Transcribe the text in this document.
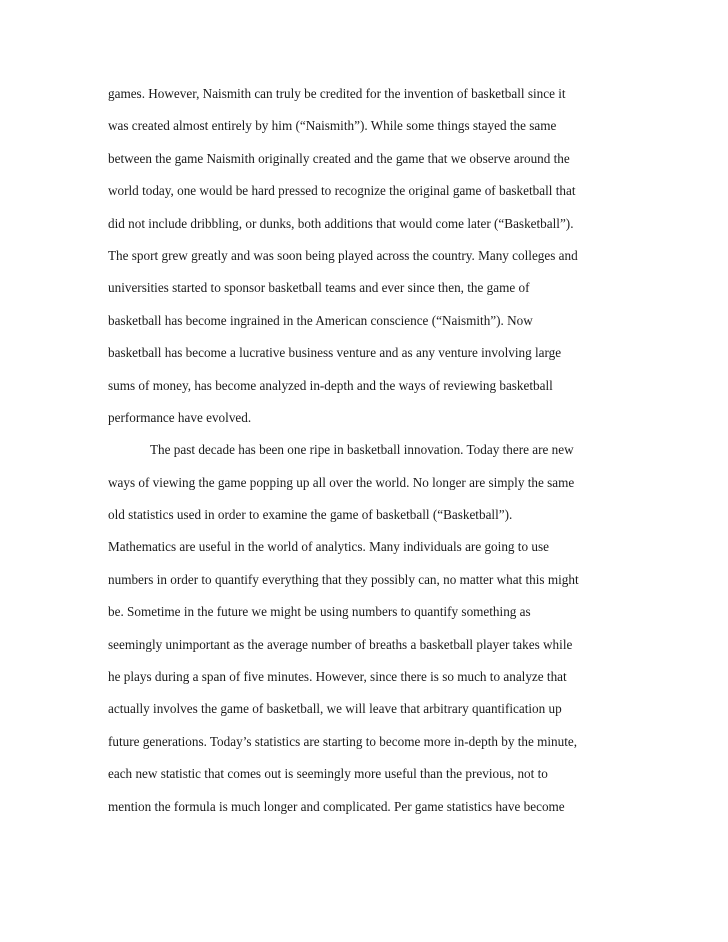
games. However, Naismith can truly be credited for the invention of basketball since it
was created almost entirely by him (“Naismith”). While some things stayed the same
between the game Naismith originally created and the game that we observe around the
world today, one would be hard pressed to recognize the original game of basketball that
did not include dribbling, or dunks, both additions that would come later (“Basketball”).
The sport grew greatly and was soon being played across the country. Many colleges and
universities started to sponsor basketball teams and ever since then, the game of
basketball has become ingrained in the American conscience (“Naismith”). Now
basketball has become a lucrative business venture and as any venture involving large
sums of money, has become analyzed in-depth and the ways of reviewing basketball
performance have evolved.
The past decade has been one ripe in basketball innovation. Today there are new
ways of viewing the game popping up all over the world. No longer are simply the same
old statistics used in order to examine the game of basketball (“Basketball”).
Mathematics are useful in the world of analytics. Many individuals are going to use
numbers in order to quantify everything that they possibly can, no matter what this might
be. Sometime in the future we might be using numbers to quantify something as
seemingly unimportant as the average number of breaths a basketball player takes while
he plays during a span of five minutes. However, since there is so much to analyze that
actually involves the game of basketball, we will leave that arbitrary quantification up
future generations. Today’s statistics are starting to become more in-depth by the minute,
each new statistic that comes out is seemingly more useful than the previous, not to
mention the formula is much longer and complicated. Per game statistics have become
